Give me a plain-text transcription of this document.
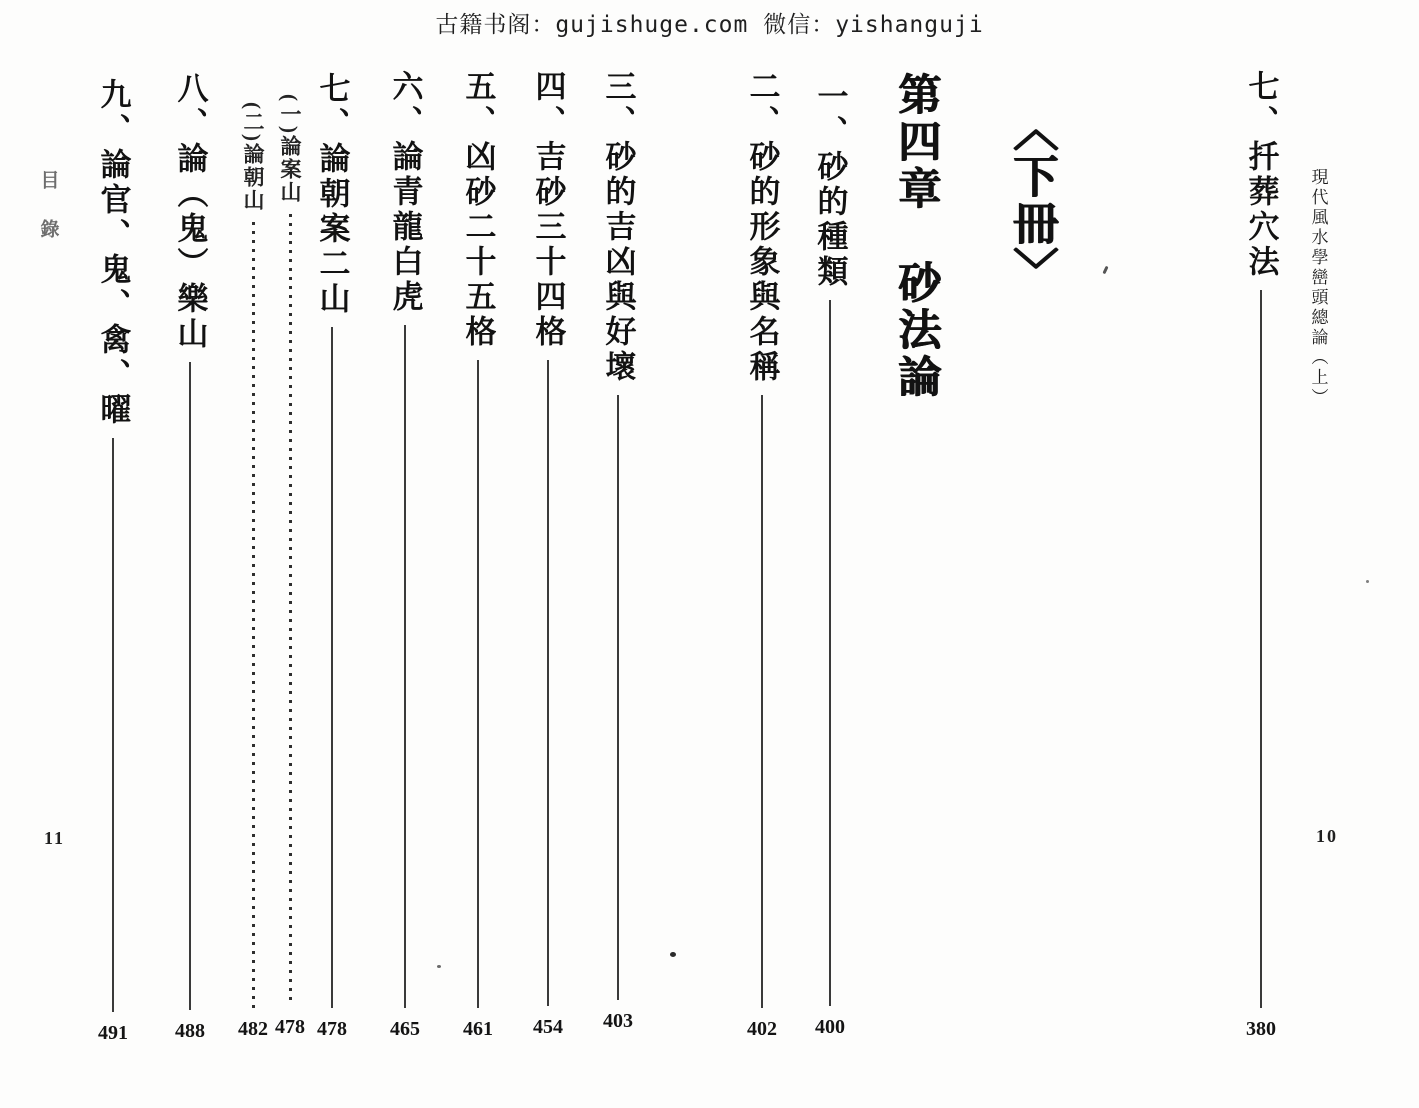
古籍书阁：gujishuge.com 微信：yishanguji
七、扦葬穴法
380
現代風水學巒頭總論（上）
10
〈下冊〉
第四章　砂法論
一、砂的種類
400
二、砂的形象與名稱
402
三、砂的吉凶與好壞
403
四、吉砂三十四格
454
五、凶砂二十五格
461
六、論青龍白虎
465
七、論朝案二山
478
(一)論案山
478
(二)論朝山
482
八、論（鬼）樂山
488
九、論官、鬼、禽、曜
491
目錄
11
